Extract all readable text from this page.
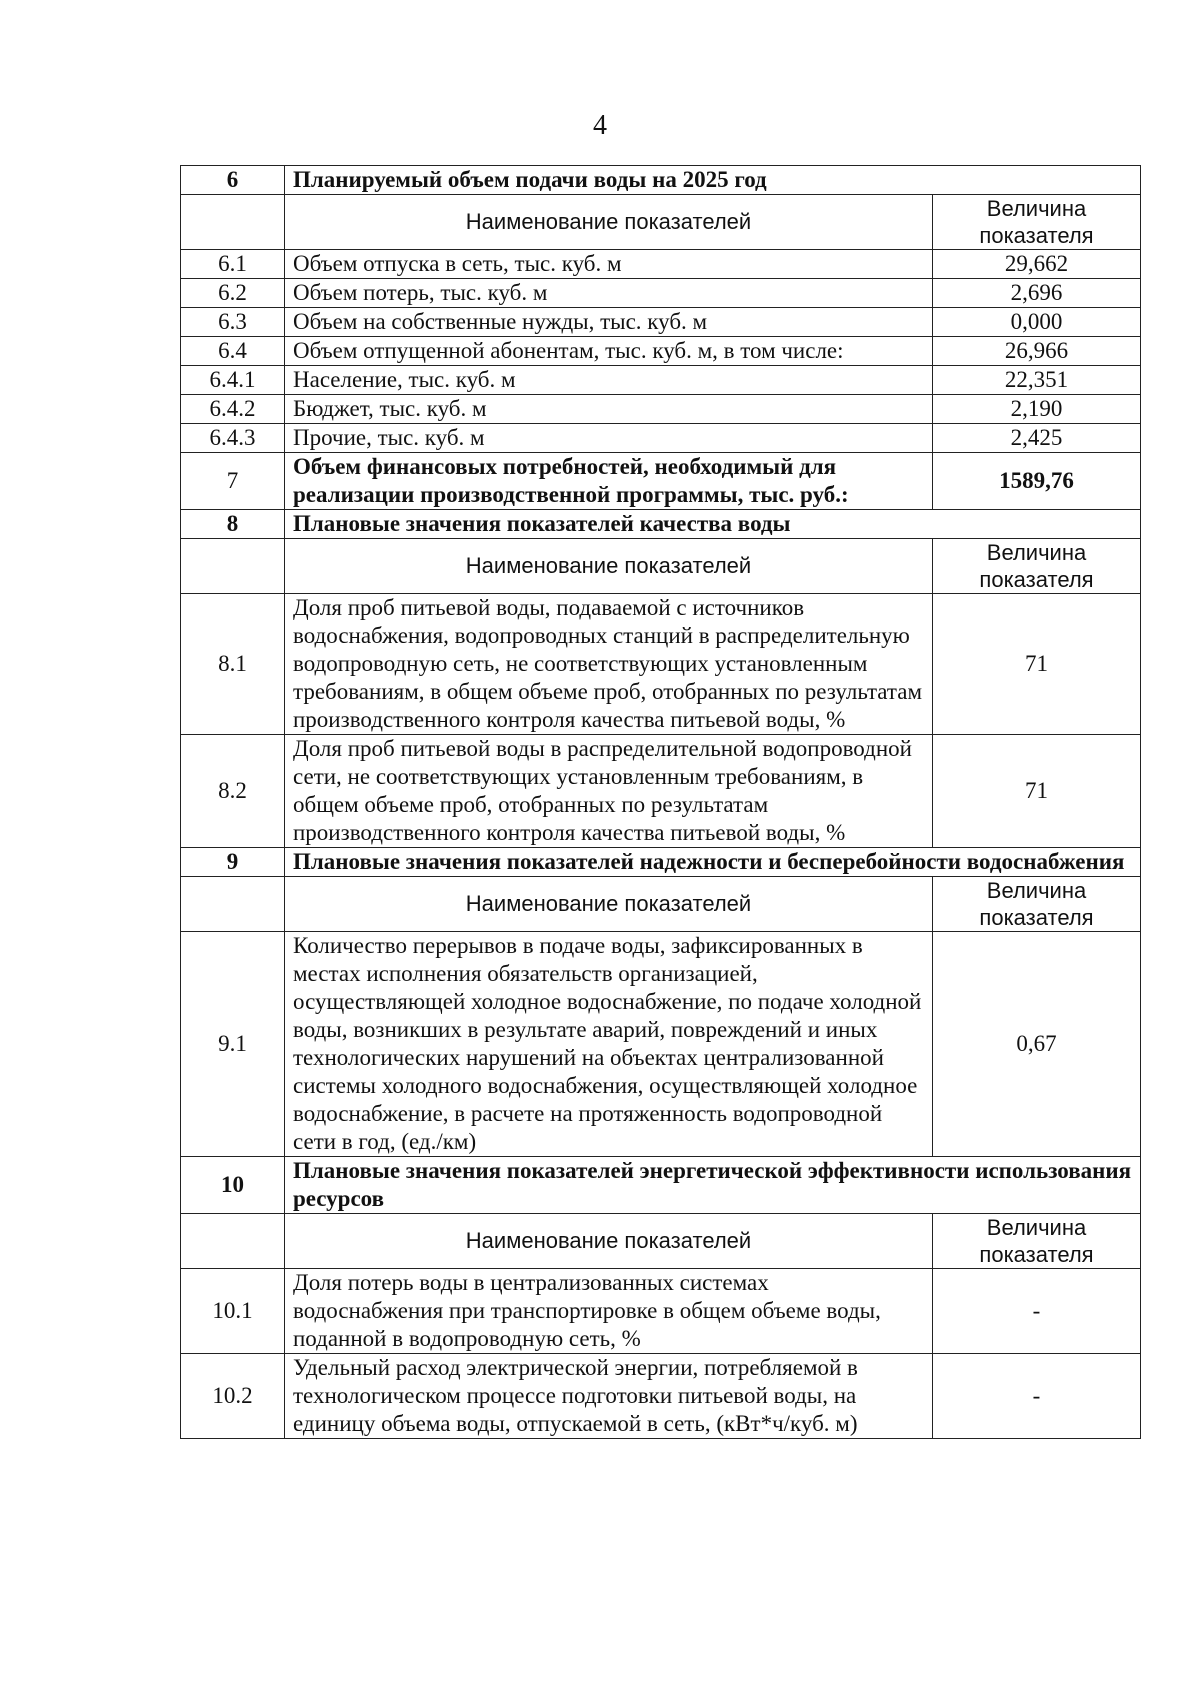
4
6	Планируемый объем подачи воды на 2025 год	
	Наименование показателей	Величина показателя
6.1	Объем отпуска в сеть, тыс. куб. м	29,662
6.2	Объем потерь, тыс. куб. м	2,696
6.3	Объем на собственные нужды, тыс. куб. м	0,000
6.4	Объем отпущенной абонентам, тыс. куб. м, в том числе:	26,966
6.4.1	Население, тыс. куб. м	22,351
6.4.2	Бюджет, тыс. куб. м	2,190
6.4.3	Прочие, тыс. куб. м	2,425
7	Объем финансовых потребностей, необходимый для реализации производственной программы, тыс. руб.:	1589,76
8	Плановые значения показателей качества воды	
	Наименование показателей	Величина показателя
8.1	Доля проб питьевой воды, подаваемой с источников водоснабжения, водопроводных станций в распределительную водопроводную сеть, не соответствующих установленным требованиям, в общем объеме проб, отобранных по результатам производственного контроля качества питьевой воды, %	71
8.2	Доля проб питьевой воды в распределительной водопроводной сети, не соответствующих установленным требованиям, в общем объеме проб, отобранных по результатам производственного контроля качества питьевой воды, %	71
9	Плановые значения показателей надежности и бесперебойности водоснабжения	
	Наименование показателей	Величина показателя
9.1	Количество перерывов в подаче воды, зафиксированных в местах исполнения обязательств организацией, осуществляющей холодное водоснабжение, по подаче холодной воды, возникших в результате аварий, повреждений и иных технологических нарушений на объектах централизованной системы холодного водоснабжения, осуществляющей холодное водоснабжение, в расчете на протяженность водопроводной сети в год, (ед./км)	0,67
10	Плановые значения показателей энергетической эффективности использования ресурсов	
	Наименование показателей	Величина показателя
10.1	Доля потерь воды в централизованных системах водоснабжения при транспортировке в общем объеме воды, поданной в водопроводную сеть, %	-
10.2	Удельный расход электрической энергии, потребляемой в технологическом процессе подготовки питьевой воды, на единицу объема воды, отпускаемой в сеть, (кВт*ч/куб. м)	-
